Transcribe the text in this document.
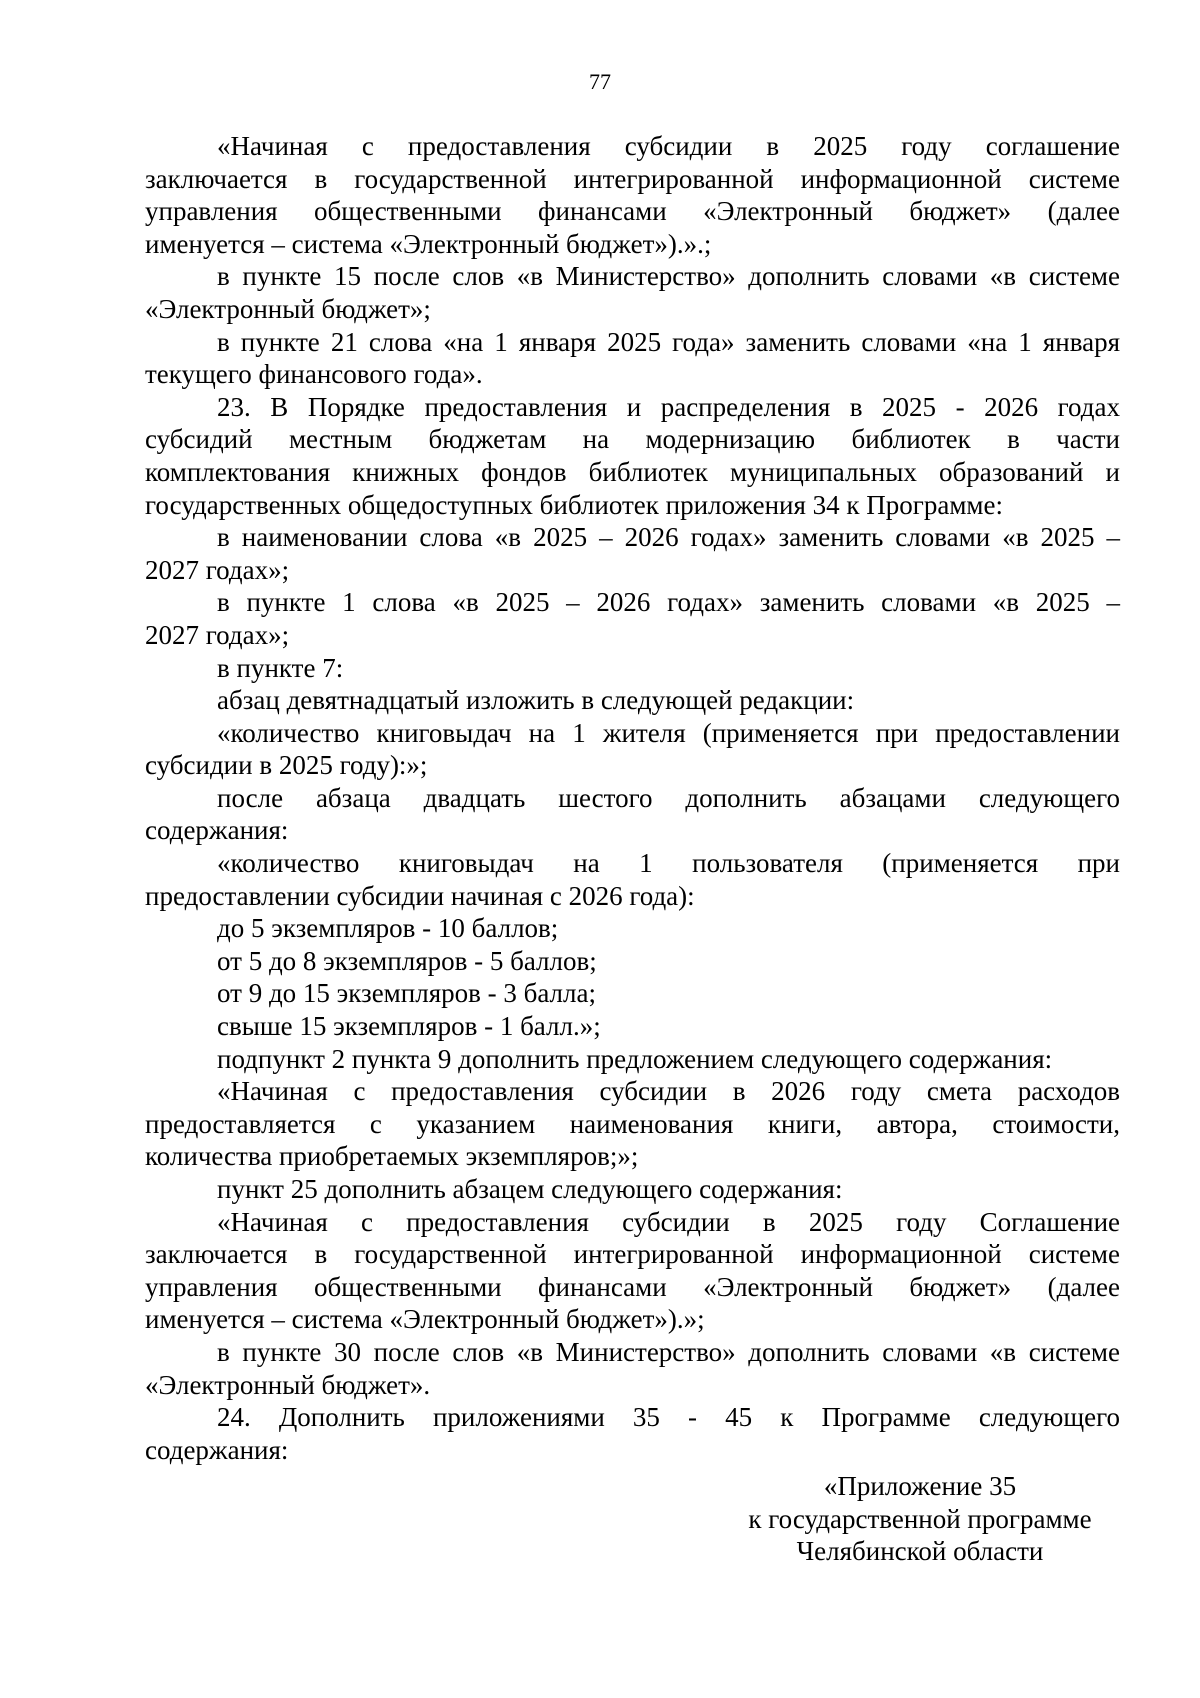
77

«Начиная с предоставления субсидии в 2025 году соглашение

заключается в государственной интегрированной информационной системе

управления общественными финансами «Электронный бюджет» (далее

именуется – система «Электронный бюджет»).».;

в пункте 15 после слов «в Министерство» дополнить словами «в системе

«Электронный бюджет»;

в пункте 21 слова «на 1 января 2025 года» заменить словами «на 1 января

текущего финансового года».

23. В Порядке предоставления и распределения в 2025 - 2026 годах

субсидий местным бюджетам на модернизацию библиотек в части

комплектования книжных фондов библиотек муниципальных образований и

государственных общедоступных библиотек приложения 34 к Программе:

в наименовании слова «в 2025 – 2026 годах» заменить словами «в 2025 –

2027 годах»;

в пункте 1 слова «в 2025 – 2026 годах» заменить словами «в 2025 –

2027 годах»;

в пункте 7:

абзац девятнадцатый изложить в следующей редакции:

«количество книговыдач на 1 жителя (применяется при предоставлении

субсидии в 2025 году):»;

после абзаца двадцать шестого дополнить абзацами следующего

содержания:

«количество книговыдач на 1 пользователя (применяется при

предоставлении субсидии начиная с 2026 года):

до 5 экземпляров - 10 баллов;

от 5 до 8 экземпляров - 5 баллов;

от 9 до 15 экземпляров - 3 балла;

свыше 15 экземпляров - 1 балл.»;

подпункт 2 пункта 9 дополнить предложением следующего содержания:

«Начиная с предоставления субсидии в 2026 году смета расходов

предоставляется с указанием наименования книги, автора, стоимости,

количества приобретаемых экземпляров;»;

пункт 25 дополнить абзацем следующего содержания:

«Начиная с предоставления субсидии в 2025 году Соглашение

заключается в государственной интегрированной информационной системе

управления общественными финансами «Электронный бюджет» (далее

именуется – система «Электронный бюджет»).»;

в пункте 30 после слов «в Министерство» дополнить словами «в системе

«Электронный бюджет».

24. Дополнить приложениями 35 - 45 к Программе следующего

содержания:

«Приложение 35
к государственной программе
Челябинской области
